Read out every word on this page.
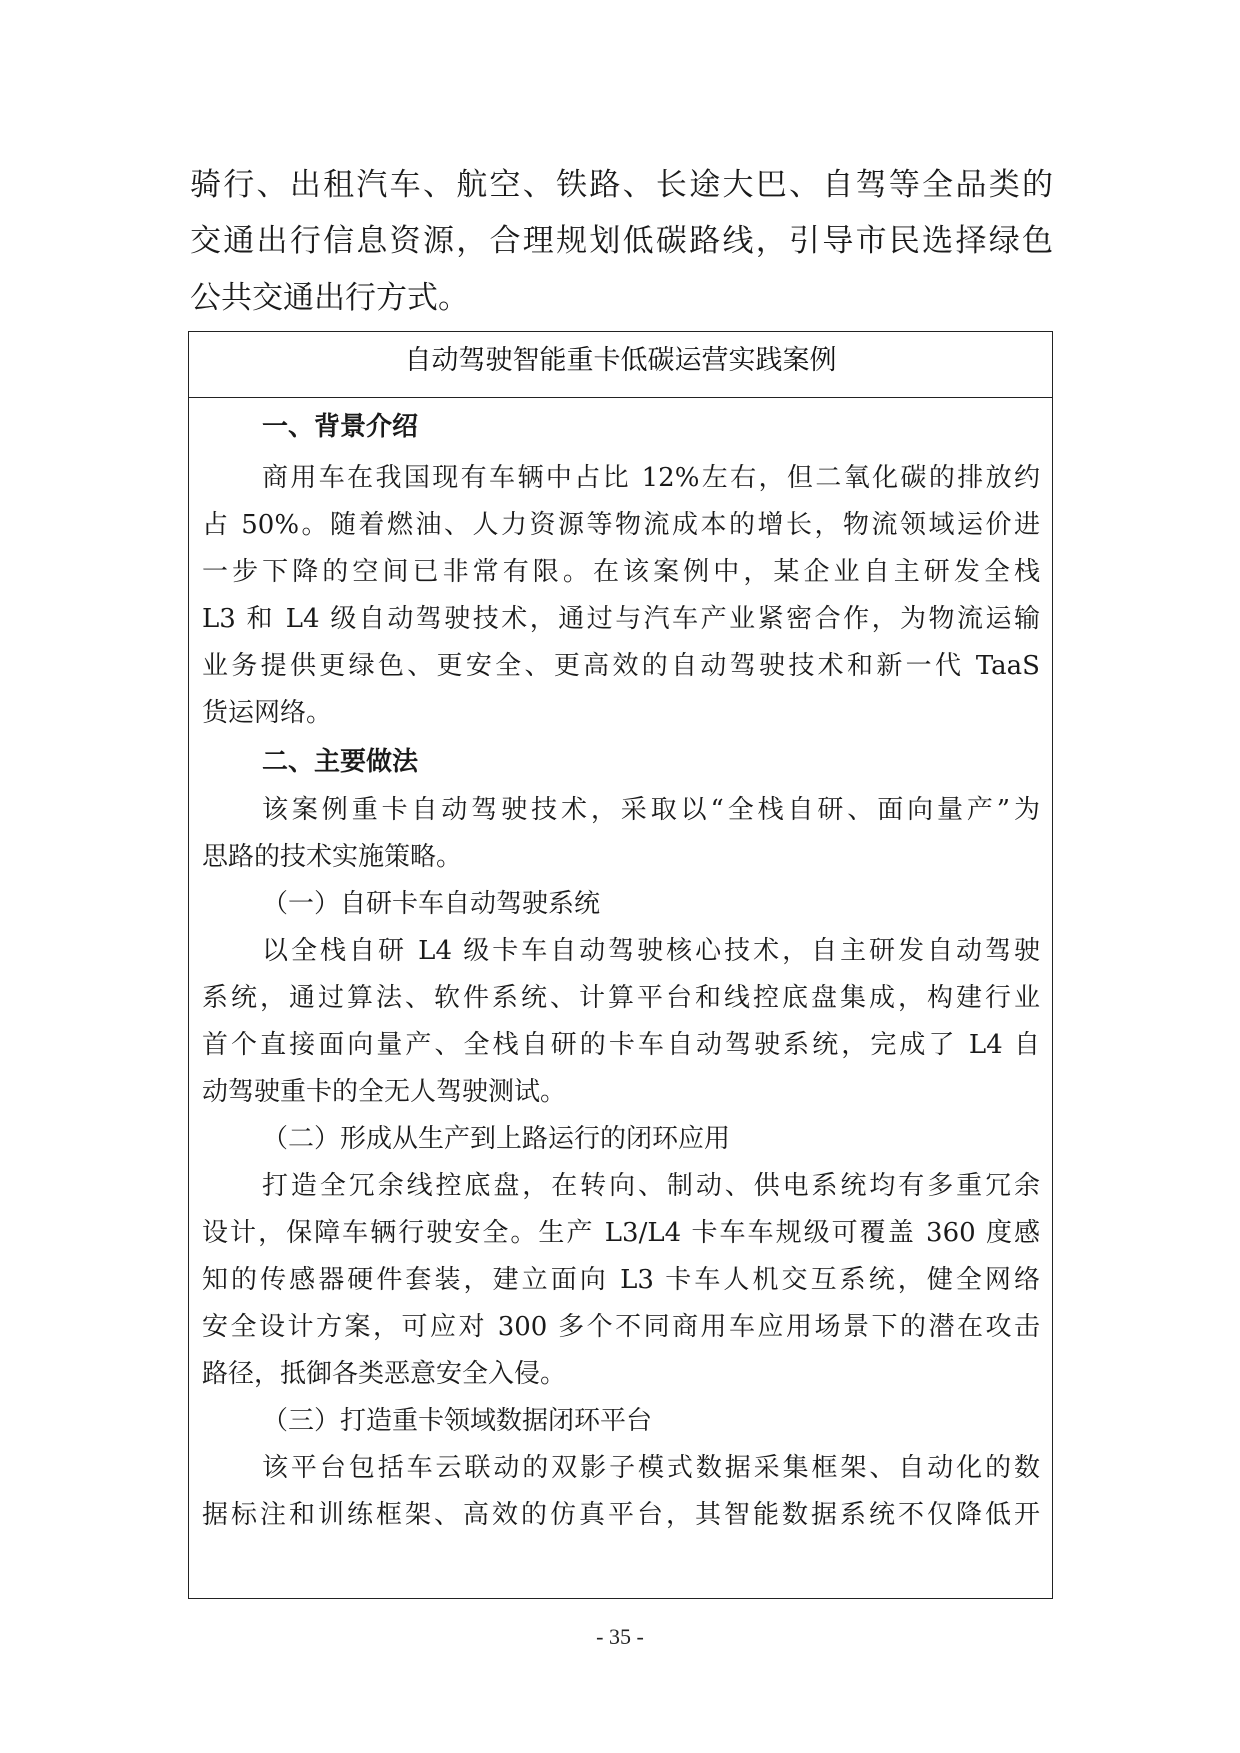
骑行、出租汽车、航空、铁路、长途大巴、自驾等全品类的
交通出行信息资源，合理规划低碳路线，引导市民选择绿色
公共交通出行方式。
自动驾驶智能重卡低碳运营实践案例
一、背景介绍
商用车在我国现有车辆中占比 12%左右，但二氧化碳的排放约
占 50%。随着燃油、人力资源等物流成本的增长，物流领域运价进
一步下降的空间已非常有限。在该案例中，某企业自主研发全栈
L3 和 L4 级自动驾驶技术，通过与汽车产业紧密合作，为物流运输
业务提供更绿色、更安全、更高效的自动驾驶技术和新一代 TaaS
货运网络。
二、主要做法
该案例重卡自动驾驶技术，采取以“全栈自研、面向量产”为
思路的技术实施策略。
（一）自研卡车自动驾驶系统
以全栈自研 L4 级卡车自动驾驶核心技术，自主研发自动驾驶
系统，通过算法、软件系统、计算平台和线控底盘集成，构建行业
首个直接面向量产、全栈自研的卡车自动驾驶系统，完成了 L4 自
动驾驶重卡的全无人驾驶测试。
（二）形成从生产到上路运行的闭环应用
打造全冗余线控底盘，在转向、制动、供电系统均有多重冗余
设计，保障车辆行驶安全。生产 L3/L4 卡车车规级可覆盖 360 度感
知的传感器硬件套装，建立面向 L3 卡车人机交互系统，健全网络
安全设计方案，可应对 300 多个不同商用车应用场景下的潜在攻击
路径，抵御各类恶意安全入侵。
（三）打造重卡领域数据闭环平台
该平台包括车云联动的双影子模式数据采集框架、自动化的数
据标注和训练框架、高效的仿真平台，其智能数据系统不仅降低开
- 35 -
